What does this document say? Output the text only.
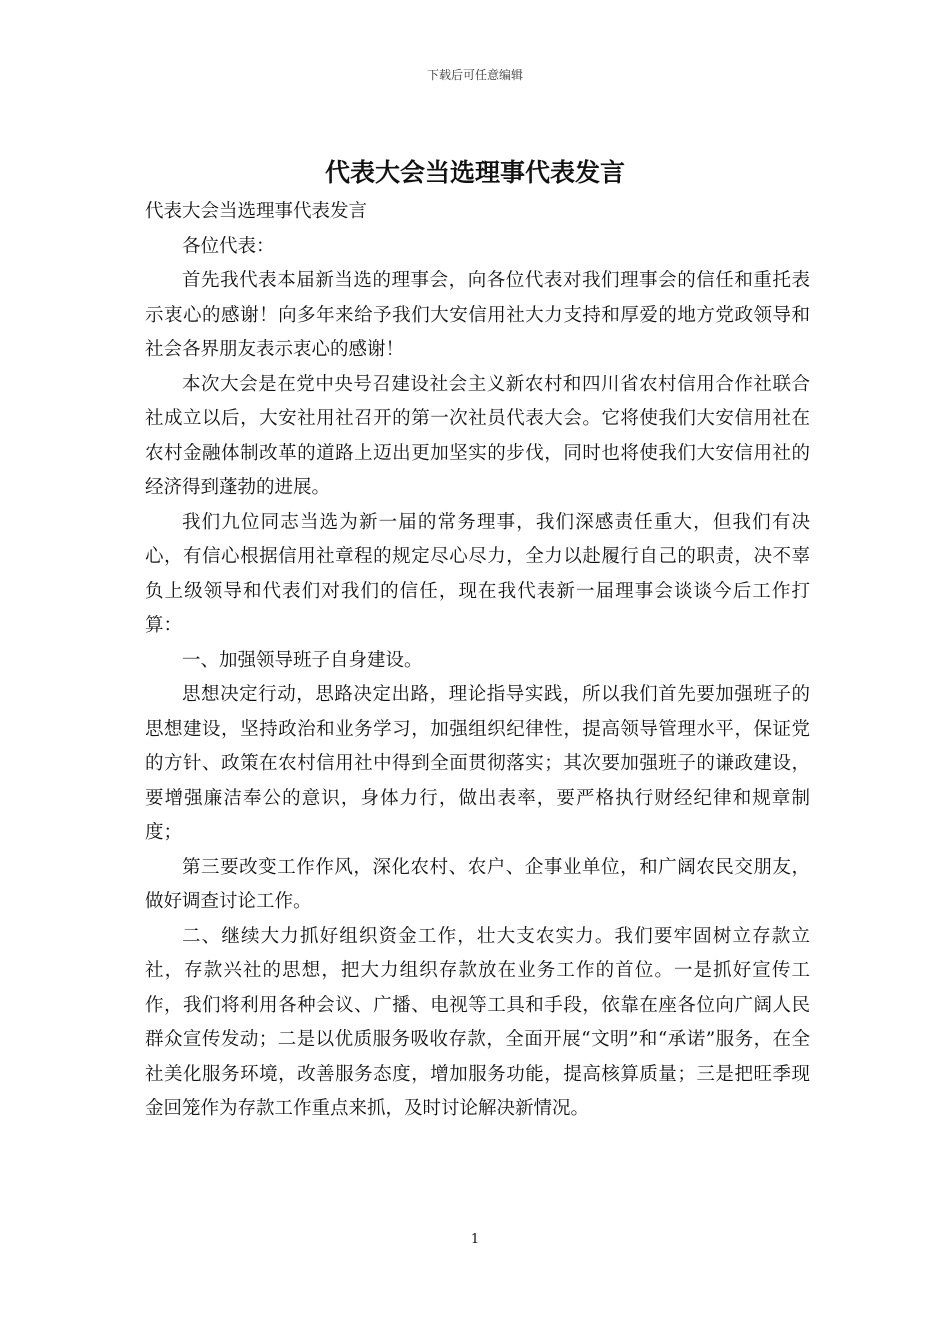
下载后可任意编辑
代表大会当选理事代表发言

代表大会当选理事代表发言

各位代表：

首先我代表本届新当选的理事会，向各位代表对我们理事会的信任和重托表示衷心的感谢！向多年来给予我们大安信用社大力支持和厚爱的地方党政领导和社会各界朋友表示衷心的感谢！

本次大会是在党中央号召建设社会主义新农村和四川省农村信用合作社联合社成立以后，大安社用社召开的第一次社员代表大会。它将使我们大安信用社在农村金融体制改革的道路上迈出更加坚实的步伐，同时也将使我们大安信用社的经济得到蓬勃的进展。

我们九位同志当选为新一届的常务理事，我们深感责任重大，但我们有决心，有信心根据信用社章程的规定尽心尽力，全力以赴履行自己的职责，决不辜负上级领导和代表们对我们的信任，现在我代表新一届理事会谈谈今后工作打算：

一、加强领导班子自身建设。

思想决定行动，思路决定出路，理论指导实践，所以我们首先要加强班子的思想建设，坚持政治和业务学习，加强组织纪律性，提高领导管理水平，保证党的方针、政策在农村信用社中得到全面贯彻落实；其次要加强班子的谦政建设，要增强廉洁奉公的意识，身体力行，做出表率，要严格执行财经纪律和规章制度；

第三要改变工作作风，深化农村、农户、企事业单位，和广阔农民交朋友，做好调查讨论工作。

二、继续大力抓好组织资金工作，壮大支农实力。我们要牢固树立存款立社，存款兴社的思想，把大力组织存款放在业务工作的首位。一是抓好宣传工作，我们将利用各种会议、广播、电视等工具和手段，依靠在座各位向广阔人民群众宣传发动；二是以优质服务吸收存款，全面开展“文明”和“承诺”服务，在全社美化服务环境，改善服务态度，增加服务功能，提高核算质量；三是把旺季现金回笼作为存款工作重点来抓，及时讨论解决新情况。

1
